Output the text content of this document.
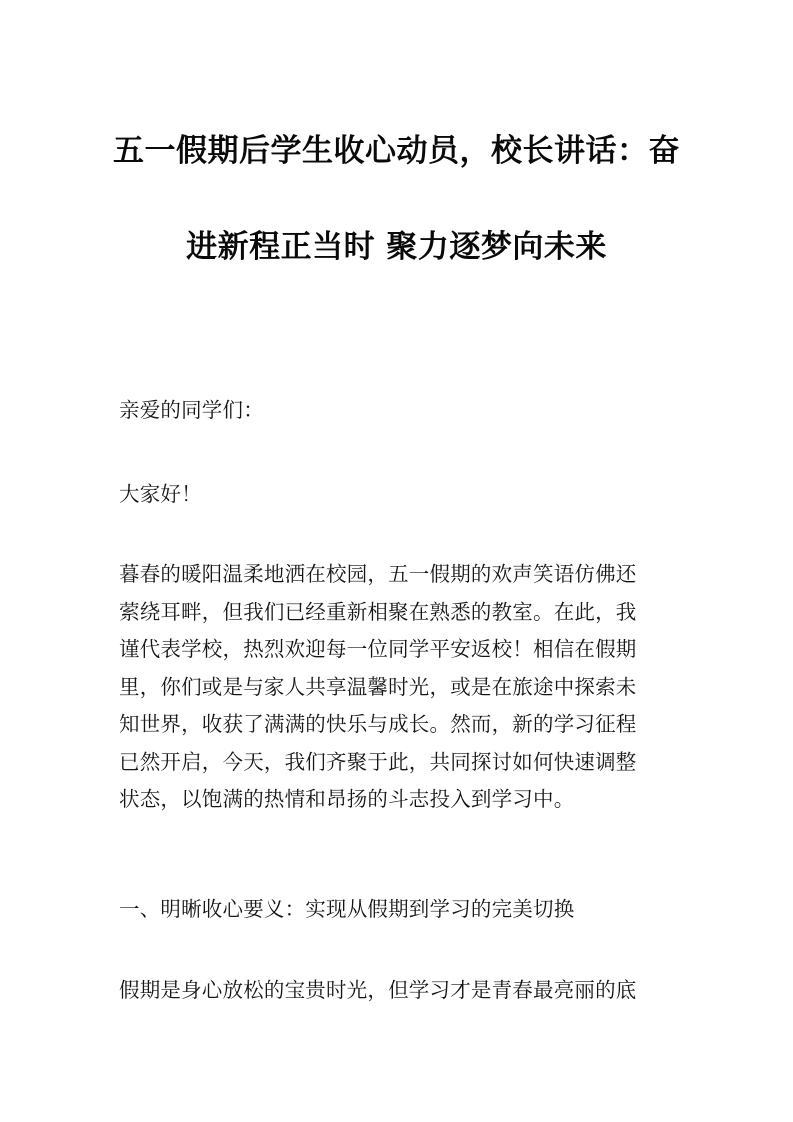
五一假期后学生收心动员，校长讲话：奋
进新程正当时 聚力逐梦向未来

亲爱的同学们：

大家好！

暮春的暖阳温柔地洒在校园，五一假期的欢声笑语仿佛还
萦绕耳畔，但我们已经重新相聚在熟悉的教室。在此，我
谨代表学校，热烈欢迎每一位同学平安返校！相信在假期
里，你们或是与家人共享温馨时光，或是在旅途中探索未
知世界，收获了满满的快乐与成长。然而，新的学习征程
已然开启，今天，我们齐聚于此，共同探讨如何快速调整
状态，以饱满的热情和昂扬的斗志投入到学习中。

一、明晰收心要义：实现从假期到学习的完美切换

假期是身心放松的宝贵时光，但学习才是青春最亮丽的底
